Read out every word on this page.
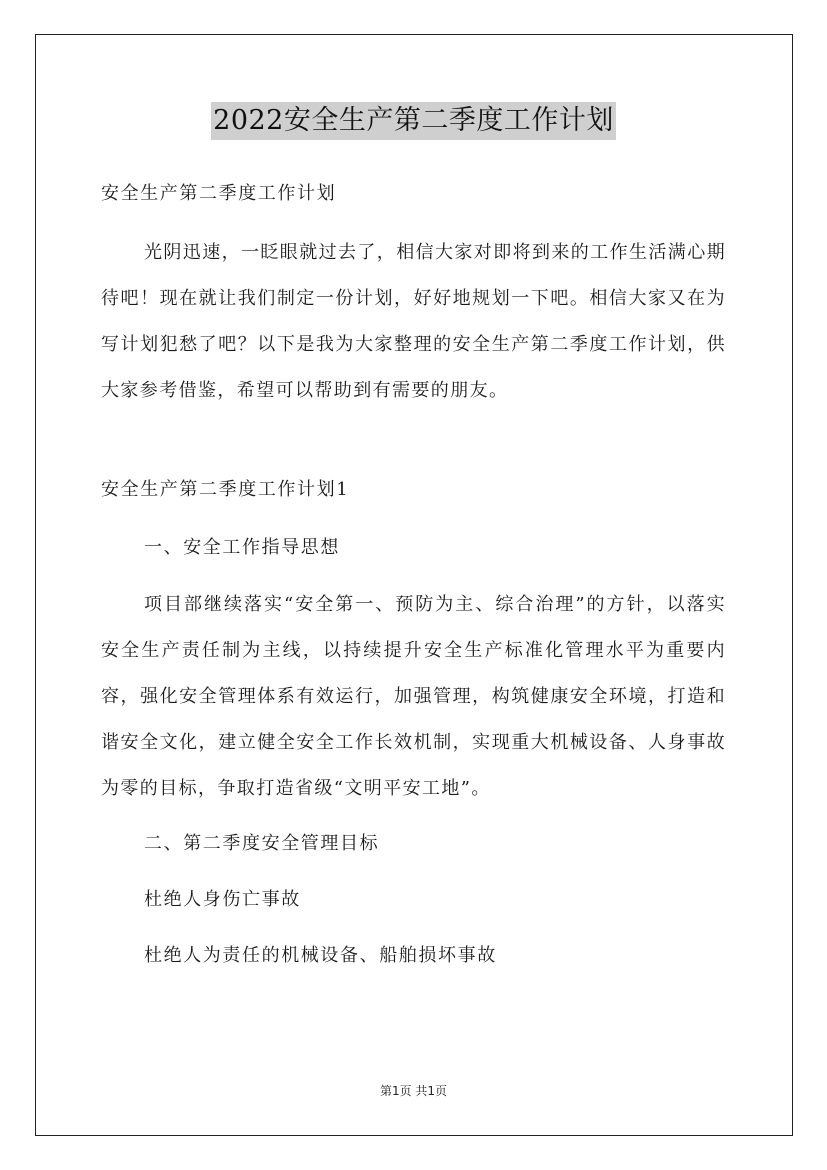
2022安全生产第二季度工作计划
安全生产第二季度工作计划

光阴迅速，一眨眼就过去了，相信大家对即将到来的工作生活满心期待吧！现在就让我们制定一份计划，好好地规划一下吧。相信大家又在为写计划犯愁了吧？以下是我为大家整理的安全生产第二季度工作计划，供大家参考借鉴，希望可以帮助到有需要的朋友。

安全生产第二季度工作计划1
一、安全工作指导思想

项目部继续落实“安全第一、预防为主、综合治理”的方针，以落实安全生产责任制为主线，以持续提升安全生产标准化管理水平为重要内容，强化安全管理体系有效运行，加强管理，构筑健康安全环境，打造和谐安全文化，建立健全安全工作长效机制，实现重大机械设备、人身事故为零的目标，争取打造省级“文明平安工地”。

二、第二季度安全管理目标
杜绝人身伤亡事故
杜绝人为责任的机械设备、船舶损坏事故
第1页 共1页
